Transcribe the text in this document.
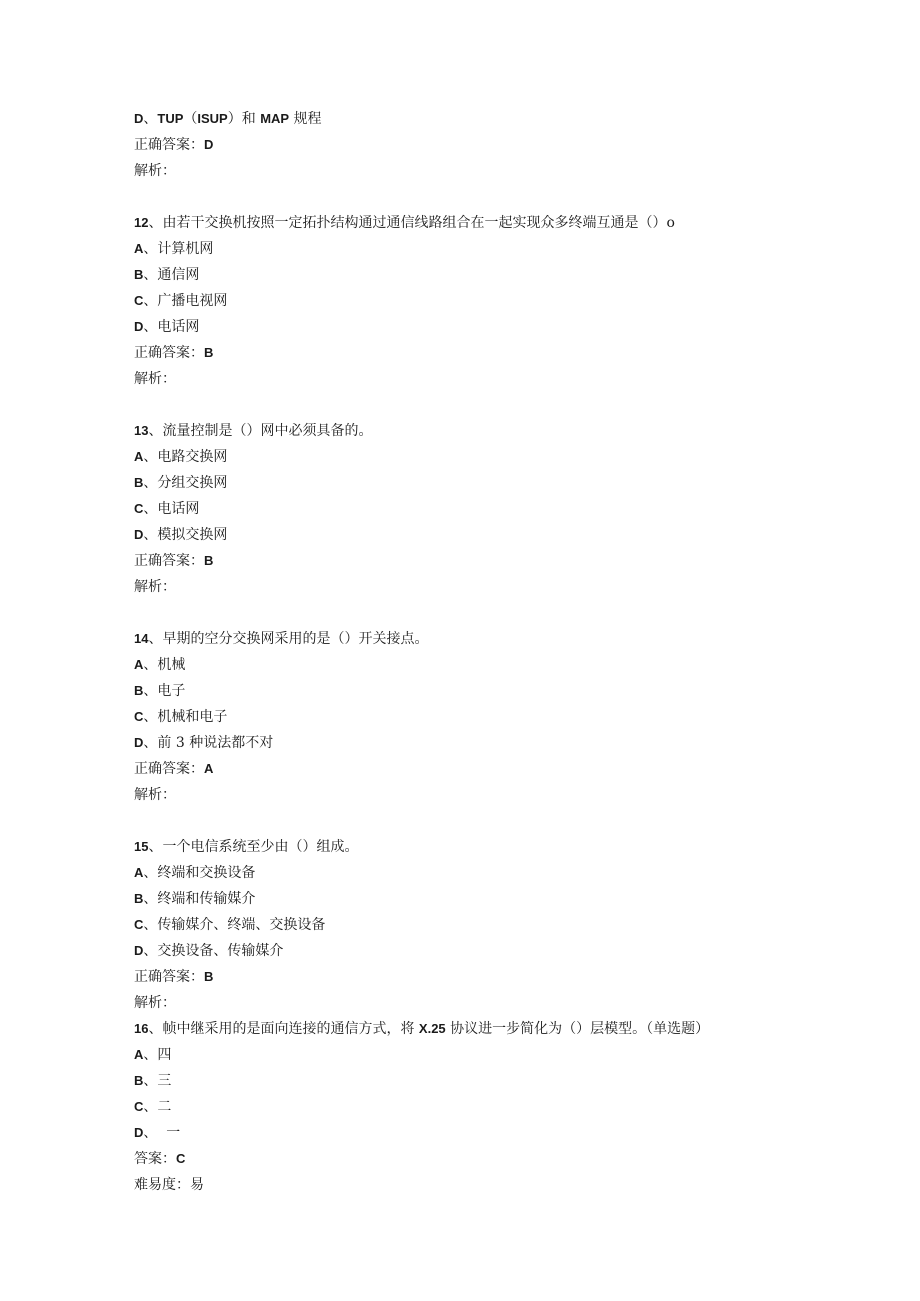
D、TUP（ISUP）和 MAP 规程
正确答案：D
解析：
12、由若干交换机按照一定拓扑结构通过通信线路组合在一起实现众多终端互通是（）o
A、计算机网
B、通信网
C、广播电视网
D、电话网
正确答案：B
解析：
13、流量控制是（）网中必须具备的。
A、电路交换网
B、分组交换网
C、电话网
D、模拟交换网
正确答案：B
解析：
14、早期的空分交换网采用的是（）开关接点。
A、机械
B、电子
C、机械和电子
D、前 3 种说法都不对
正确答案：A
解析：
15、一个电信系统至少由（）组成。
A、终端和交换设备
B、终端和传输媒介
C、传输媒介、终端、交换设备
D、交换设备、传输媒介
正确答案：B
解析：
16、帧中继采用的是面向连接的通信方式，将 X.25 协议进一步简化为（）层模型。（单选题）
A、四
B、三
C、二
D、  一
答案：C
难易度：易
